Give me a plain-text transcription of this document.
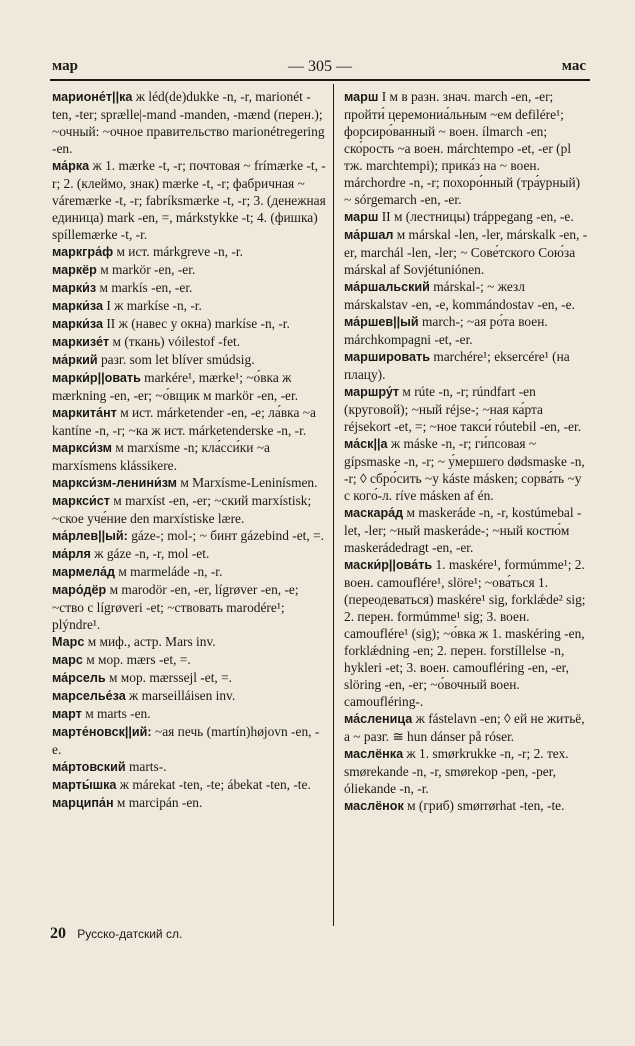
— 305 —
мар	мас
марионе́т||ка ж léd(de)dukke -n, -r, marionét -ten, -ter; sprælle|-mand -manden, -mænd (перен.); ~очный: ~очное правительство marionétregering -en.
ма́рка ж 1. mærke -t, -r; почтовая ~ frímærke -t, -r; 2. (клеймо, знак) mærke -t, -r; фабричная ~ váremærke -t, -r; fabríksmærke -t, -r; 3. (денежная единица) mark -en, =, márkstykke -t; 4. (фишка) spíllemærke -t, -r.
маркгра́ф м ист. márkgreve -n, -r.
маркёр м markör -en, -er.
марки́з м markís -en, -er.
марки́за I ж markíse -n, -r.
марки́за II ж (навес у окна) markíse -n, -r.
маркизе́т м (ткань) vóilestof -fet.
ма́ркий разг. som let blíver smúdsig.
марки́р||овать markére¹, mærke¹; ~о́вка ж mærkning -en, -er; ~о́вщик м markör -en, -er.
маркита́нт м ист. márketender -en, -e; ла́вка ~а kantíne -n, -r; ~ка ж ист. márketenderske -n, -r.
маркси́зм м marxísme -n; кла́сси́ки ~а marxísmens klássikere.
маркси́зм-ленини́зм м Marxísme-Leninísmen.
маркси́ст м marxíst -en, -er; ~ский marxístisk; ~ское уче́ние den marxístiske lære.
ма́рлев||ый: gáze-; mol-; ~ бинт gázebind -et, =.
ма́рля ж gáze -n, -r, mol -et.
мармела́д м marmeláde -n, -r.
маро́дёр м marodör -en, -er, lígrøver -en, -e; ~ство с lígrøveri -et; ~ствовать marodére¹; plýndre¹.
Марс м миф., астр. Mars inv.
марс м мор. mærs -et, =.
ма́рсель м мор. mærssejl -et, =.
марселье́за ж marseilláisen inv.
март м marts -en.
марте́новск||ий: ~ая печь (martín)højovn -en, -e.
ма́ртовский marts-.
марты́шка ж márekat -ten, -te; ábekat -ten, -te.
марципа́н м marcipán -en.
марш I м в разн. знач. march -en, -er; пройти́ церемониа́льным ~ем defilére¹; форсиро́ванный ~ воен. ílmarch -en; ско́рость ~а воен. márchtempo -et, -er (pl тж. marchtempi); прика́з на ~ воен. márchordre -n, -r; похоро́нный (тра́урный) ~ sórgemarch -en, -er.
марш II м (лестницы) tráppegang -en, -e.
ма́ршал м márskal -len, -ler, márskalk -en, -er, marchál -len, -ler; ~ Сове́тского Сою́за márskal af Sovjétuniónen.
ма́ршальский márskal-; ~ жезл márskalstav -en, -e, kommándostav -en, -e.
ма́ршев||ый march-; ~ая ро́та воен. márchkompagni -et, -er.
маршировать marchére¹; ekserсére¹ (на плацу).
маршру́т м rúte -n, -r; rúndfart -en (круговой); ~ный réjse-; ~ная ка́рта réjsekort -et, =; ~ное такси́ róutebil -en, -er.
ма́ск||а ж máske -n, -r; ги́псовая ~ gípsmaske -n, -r; ~ у́мершего dødsmaske -n, -r; ◊ сбро́сить ~у káste másken; сорва́ть ~у с кого́-л. ríve másken af én.
маскара́д м maskeráde -n, -r, kostúmebal -let, -ler; ~ный maskeráde-; ~ный костю́м maskerádedragt -en, -er.
маски́р||ова́ть 1. maskére¹, formúmme¹; 2. воен. camouflére¹, slöre¹; ~ова́ться 1. (переодеваться) maskére¹ sig, forklǽde² sig; 2. перен. formúmme¹ sig; 3. воен. camouflére¹ (sig); ~о́вка ж 1. maskéring -en, forklǽdning -en; 2. перен. forstíllelse -n, hykleri -et; 3. воен. camoufléring -en, -er, slöring -en, -er; ~о́вочный воен. camoufléring-.
ма́сленица ж fástelavn -en; ◊ ей не житьё, а ~ разг. ≅ hun dánser på róser.
маслёнка ж 1. smørkrukke -n, -r; 2. тех. smørekande -n, -r, smørekop -pen, -per, óliekande -n, -r.
маслёнок м (гриб) smørrørhat -ten, -te.
20 Русско-датский сл.
